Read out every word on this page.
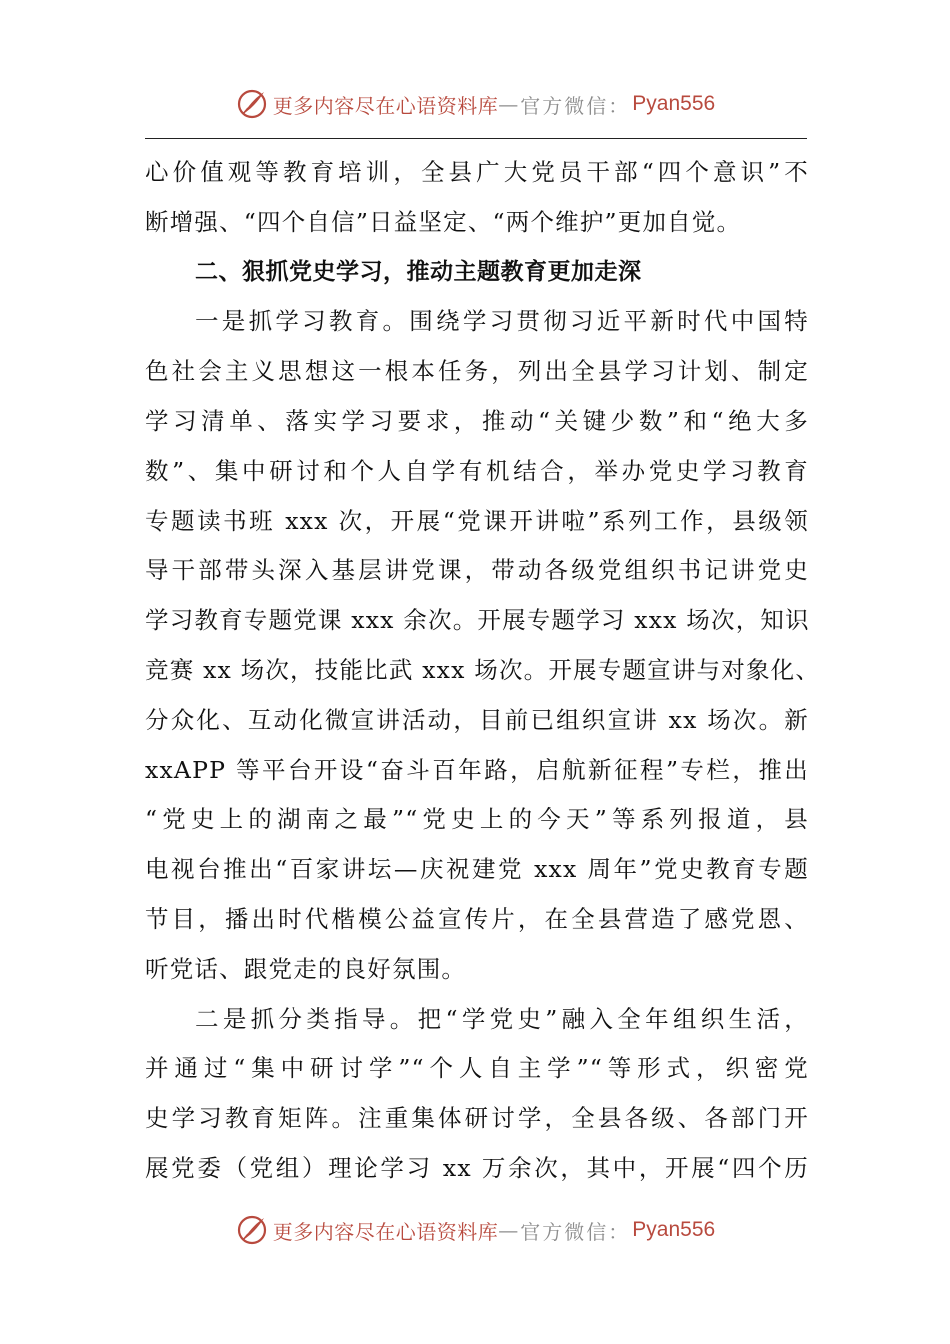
更多内容尽在心语资料库 — 官方微信： Pyan556
心价值观等教育培训，全县广大党员干部“四个意识”不
断增强、“四个自信”日益坚定、“两个维护”更加自觉。
二、狠抓党史学习，推动主题教育更加走深
一是抓学习教育。围绕学习贯彻习近平新时代中国特
色社会主义思想这一根本任务，列出全县学习计划、制定
学习清单、落实学习要求，推动“关键少数”和“绝大多
数”、集中研讨和个人自学有机结合，举办党史学习教育
专题读书班 xxx 次，开展“党课开讲啦”系列工作，县级领
导干部带头深入基层讲党课，带动各级党组织书记讲党史
学习教育专题党课 xxx 余次。开展专题学习 xxx 场次，知识
竞赛 xx 场次，技能比武 xxx 场次。开展专题宣讲与对象化、
分众化、互动化微宣讲活动，目前已组织宣讲 xx 场次。新
xxAPP 等平台开设“奋斗百年路，启航新征程”专栏，推出
“党史上的湖南之最”“党史上的今天”等系列报道，县
电视台推出“百家讲坛—庆祝建党 xxx 周年”党史教育专题
节目，播出时代楷模公益宣传片，在全县营造了感党恩、
听党话、跟党走的良好氛围。
二是抓分类指导。把“学党史”融入全年组织生活，
并通过“集中研讨学”“个人自主学”“等形式，织密党
史学习教育矩阵。注重集体研讨学，全县各级、各部门开
展党委（党组）理论学习 xx 万余次，其中，开展“四个历
更多内容尽在心语资料库 — 官方微信： Pyan556
